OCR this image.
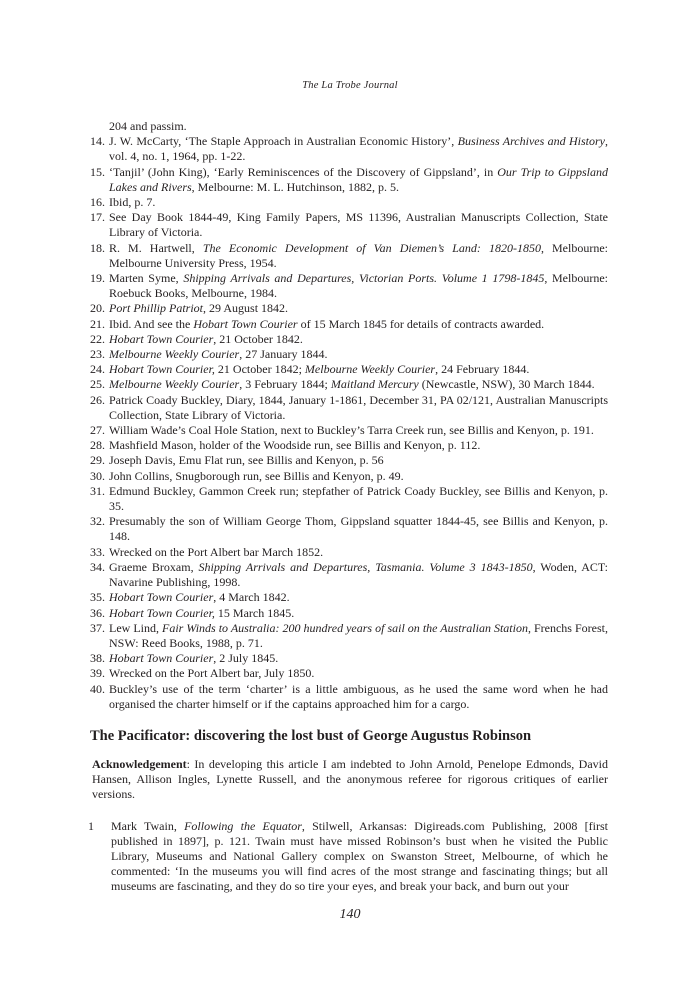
The La Trobe Journal
204 and passim.
14. J. W. McCarty, ‘The Staple Approach in Australian Economic History’, Business Archives and History, vol. 4, no. 1, 1964, pp. 1-22.
15. ‘Tanjil’ (John King), ‘Early Reminiscences of the Discovery of Gippsland’, in Our Trip to Gippsland Lakes and Rivers, Melbourne: M. L. Hutchinson, 1882, p. 5.
16. Ibid, p. 7.
17. See Day Book 1844-49, King Family Papers, MS 11396, Australian Manuscripts Collection, State Library of Victoria.
18. R. M. Hartwell, The Economic Development of Van Diemen’s Land: 1820-1850, Melbourne: Melbourne University Press, 1954.
19. Marten Syme, Shipping Arrivals and Departures, Victorian Ports. Volume 1 1798-1845, Melbourne: Roebuck Books, Melbourne, 1984.
20. Port Phillip Patriot, 29 August 1842.
21. Ibid. And see the Hobart Town Courier of 15 March 1845 for details of contracts awarded.
22. Hobart Town Courier, 21 October 1842.
23. Melbourne Weekly Courier, 27 January 1844.
24. Hobart Town Courier, 21 October 1842; Melbourne Weekly Courier, 24 February 1844.
25. Melbourne Weekly Courier, 3 February 1844; Maitland Mercury (Newcastle, NSW), 30 March 1844.
26. Patrick Coady Buckley, Diary, 1844, January 1-1861, December 31, PA 02/121, Australian Manuscripts Collection, State Library of Victoria.
27. William Wade’s Coal Hole Station, next to Buckley’s Tarra Creek run, see Billis and Kenyon, p. 191.
28. Mashfield Mason, holder of the Woodside run, see Billis and Kenyon, p. 112.
29. Joseph Davis, Emu Flat run, see Billis and Kenyon, p. 56
30. John Collins, Snugborough run, see Billis and Kenyon, p. 49.
31. Edmund Buckley, Gammon Creek run; stepfather of Patrick Coady Buckley, see Billis and Kenyon, p. 35.
32. Presumably the son of William George Thom, Gippsland squatter 1844-45, see Billis and Kenyon, p. 148.
33. Wrecked on the Port Albert bar March 1852.
34. Graeme Broxam, Shipping Arrivals and Departures, Tasmania. Volume 3 1843-1850, Woden, ACT: Navarine Publishing, 1998.
35. Hobart Town Courier, 4 March 1842.
36. Hobart Town Courier, 15 March 1845.
37. Lew Lind, Fair Winds to Australia: 200 hundred years of sail on the Australian Station, Frenchs Forest, NSW: Reed Books, 1988, p. 71.
38. Hobart Town Courier, 2 July 1845.
39. Wrecked on the Port Albert bar, July 1850.
40. Buckley’s use of the term ‘charter’ is a little ambiguous, as he used the same word when he had organised the charter himself or if the captains approached him for a cargo.
The Pacificator: discovering the lost bust of George Augustus Robinson

Acknowledgement: In developing this article I am indebted to John Arnold, Penelope Edmonds, David Hansen, Allison Ingles, Lynette Russell, and the anonymous referee for rigorous critiques of earlier versions.

1 Mark Twain, Following the Equator, Stilwell, Arkansas: Digireads.com Publishing, 2008 [first published in 1897], p. 121. Twain must have missed Robinson’s bust when he visited the Public Library, Museums and National Gallery complex on Swanston Street, Melbourne, of which he commented: ‘In the museums you will find acres of the most strange and fascinating things; but all museums are fascinating, and they do so tire your eyes, and break your back, and burn out your
140
